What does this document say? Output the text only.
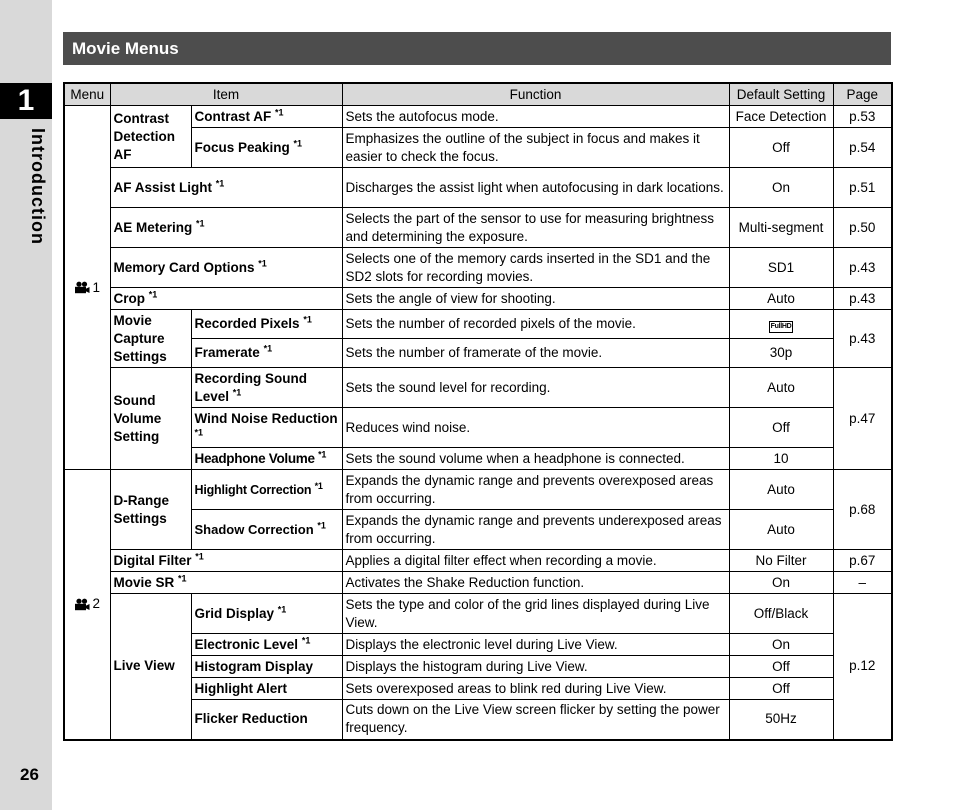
1
Introduction
26
Movie Menus
Menu	Item		Function	Default Setting	Page
1	Contrast Detection AF	Contrast AF $^{*1}$	Sets the autofocus mode.	Face Detection	p.53
		Focus Peaking $^{*1}$	Emphasizes the outline of the subject in focus and makes it easier to check the focus.	Off	p.54
	AF Assist Light $^{*1}$		Discharges the assist light when autofocusing in dark locations.	On	p.51
	AE Metering $^{*1}$		Selects the part of the sensor to use for measuring brightness and determining the exposure.	Multi-segment	p.50
	Memory Card Options $^{*1}$		Selects one of the memory cards inserted in the SD1 and the SD2 slots for recording movies.	SD1	p.43
	Crop $^{*1}$		Sets the angle of view for shooting.	Auto	p.43
	Movie Capture Settings	Recorded Pixels $^{*1}$	Sets the number of recorded pixels of the movie.	FullHD	p.43
		Framerate $^{*1}$	Sets the number of framerate of the movie.	30p	
	Sound Volume Setting	Recording Sound Level $^{*1}$	Sets the sound level for recording.	Auto	p.47
		Wind Noise Reduction $^{*1}$	Reduces wind noise.	Off	
		Headphone Volume $^{*1}$	Sets the sound volume when a headphone is connected.	10	
2	D-Range Settings	Highlight Correction $^{*1}$	Expands the dynamic range and prevents overexposed areas from occurring.	Auto	p.68
		Shadow Correction $^{*1}$	Expands the dynamic range and prevents underexposed areas from occurring.	Auto	
	Digital Filter $^{*1}$		Applies a digital filter effect when recording a movie.	No Filter	p.67
	Movie SR $^{*1}$		Activates the Shake Reduction function.	On	–
	Live View	Grid Display $^{*1}$	Sets the type and color of the grid lines displayed during Live View.	Off/Black	p.12
		Electronic Level $^{*1}$	Displays the electronic level during Live View.	On	
		Histogram Display	Displays the histogram during Live View.	Off	
		Highlight Alert	Sets overexposed areas to blink red during Live View.	Off	
		Flicker Reduction	Cuts down on the Live View screen flicker by setting the power frequency.	50Hz	
